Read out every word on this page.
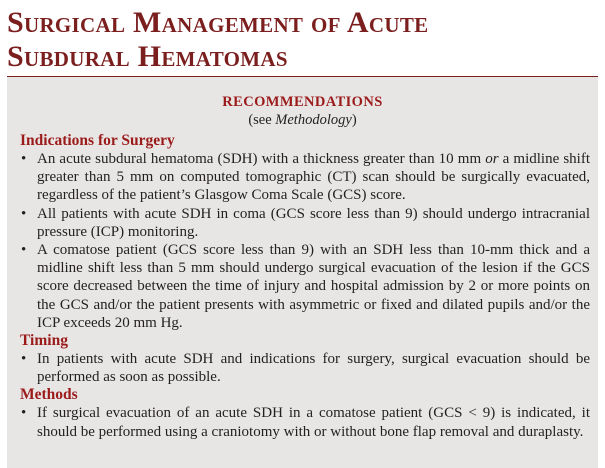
Surgical Management of Acute
Subdural Hematomas
RECOMMENDATIONS
(see Methodology)
Indications for Surgery
• An acute subdural hematoma (SDH) with a thickness greater than 10 mm or a midline shift greater than 5 mm on computed tomographic (CT) scan should be surgically evacuated, regardless of the patient’s Glasgow Coma Scale (GCS) score.
• All patients with acute SDH in coma (GCS score less than 9) should undergo intracranial pressure (ICP) monitoring.
• A comatose patient (GCS score less than 9) with an SDH less than 10-mm thick and a midline shift less than 5 mm should undergo surgical evacuation of the lesion if the GCS score decreased between the time of injury and hospital admission by 2 or more points on the GCS and/or the patient presents with asymmetric or fixed and dilated pupils and/or the ICP exceeds 20 mm Hg.
Timing
• In patients with acute SDH and indications for surgery, surgical evacuation should be performed as soon as possible.
Methods
• If surgical evacuation of an acute SDH in a comatose patient (GCS < 9) is indicated, it should be performed using a craniotomy with or without bone flap removal and duraplasty.
